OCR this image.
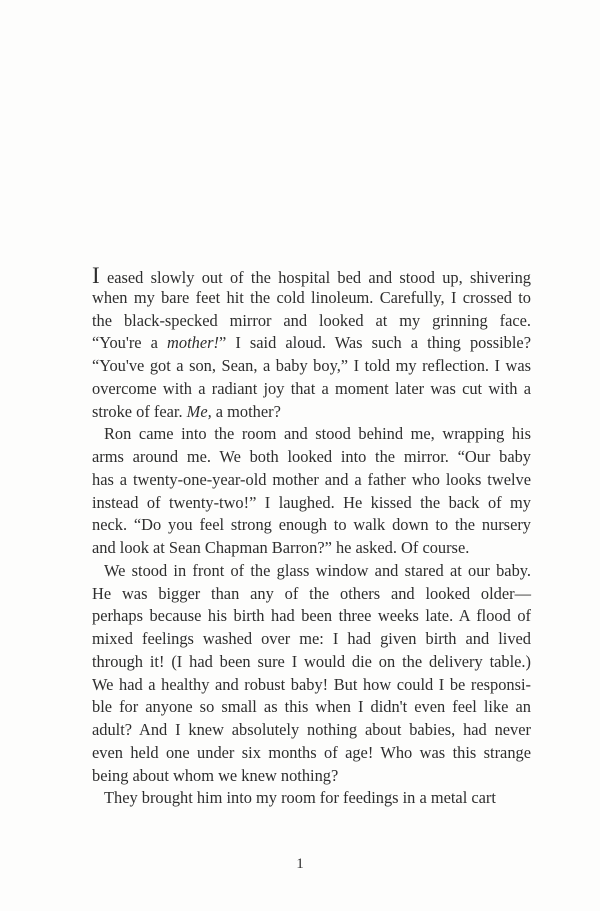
I eased slowly out of the hospital bed and stood up, shivering
when my bare feet hit the cold linoleum. Carefully, I crossed to
the black-specked mirror and looked at my grinning face.
“You're a mother!” I said aloud. Was such a thing possible?
“You've got a son, Sean, a baby boy,” I told my reflection. I was
overcome with a radiant joy that a moment later was cut with a
stroke of fear. Me, a mother?
Ron came into the room and stood behind me, wrapping his
arms around me. We both looked into the mirror. “Our baby
has a twenty-one-year-old mother and a father who looks twelve
instead of twenty-two!” I laughed. He kissed the back of my
neck. “Do you feel strong enough to walk down to the nursery
and look at Sean Chapman Barron?” he asked. Of course.
We stood in front of the glass window and stared at our baby.
He was bigger than any of the others and looked older—
perhaps because his birth had been three weeks late. A flood of
mixed feelings washed over me: I had given birth and lived
through it! (I had been sure I would die on the delivery table.)
We had a healthy and robust baby! But how could I be responsi-
ble for anyone so small as this when I didn't even feel like an
adult? And I knew absolutely nothing about babies, had never
even held one under six months of age! Who was this strange
being about whom we knew nothing?
They brought him into my room for feedings in a metal cart
1
